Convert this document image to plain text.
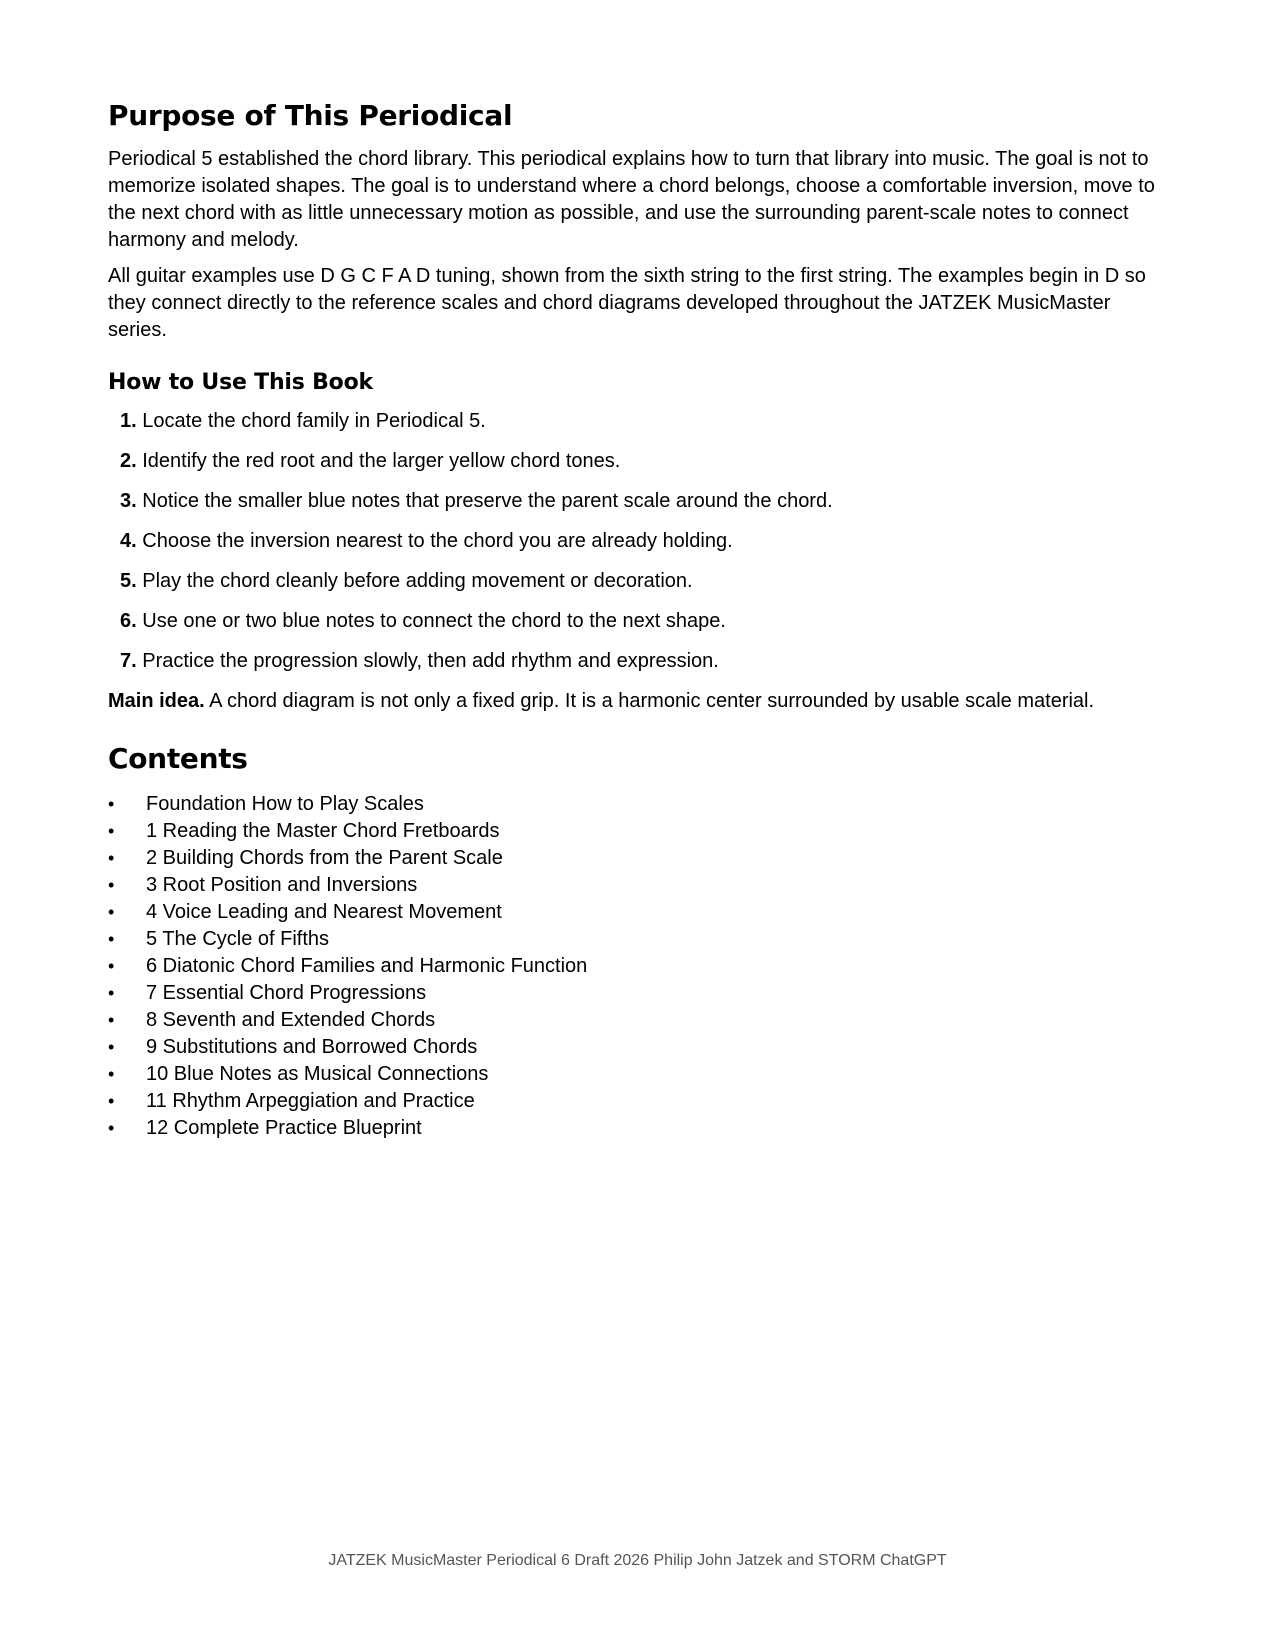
Purpose of This Periodical

Periodical 5 established the chord library. This periodical explains how to turn that library into music. The goal is not to memorize isolated shapes. The goal is to understand where a chord belongs, choose a comfortable inversion, move to the next chord with as little unnecessary motion as possible, and use the surrounding parent-scale notes to connect harmony and melody.

All guitar examples use D G C F A D tuning, shown from the sixth string to the first string. The examples begin in D so they connect directly to the reference scales and chord diagrams developed throughout the JATZEK MusicMaster series.

How to Use This Book
1. Locate the chord family in Periodical 5.
2. Identify the red root and the larger yellow chord tones.
3. Notice the smaller blue notes that preserve the parent scale around the chord.
4. Choose the inversion nearest to the chord you are already holding.
5. Play the chord cleanly before adding movement or decoration.
6. Use one or two blue notes to connect the chord to the next shape.
7. Practice the progression slowly, then add rhythm and expression.

Main idea. A chord diagram is not only a fixed grip. It is a harmonic center surrounded by usable scale material.

Contents
• Foundation How to Play Scales
• 1 Reading the Master Chord Fretboards
• 2 Building Chords from the Parent Scale
• 3 Root Position and Inversions
• 4 Voice Leading and Nearest Movement
• 5 The Cycle of Fifths
• 6 Diatonic Chord Families and Harmonic Function
• 7 Essential Chord Progressions
• 8 Seventh and Extended Chords
• 9 Substitutions and Borrowed Chords
• 10 Blue Notes as Musical Connections
• 11 Rhythm Arpeggiation and Practice
• 12 Complete Practice Blueprint
JATZEK MusicMaster Periodical 6 Draft 2026 Philip John Jatzek and STORM ChatGPT
